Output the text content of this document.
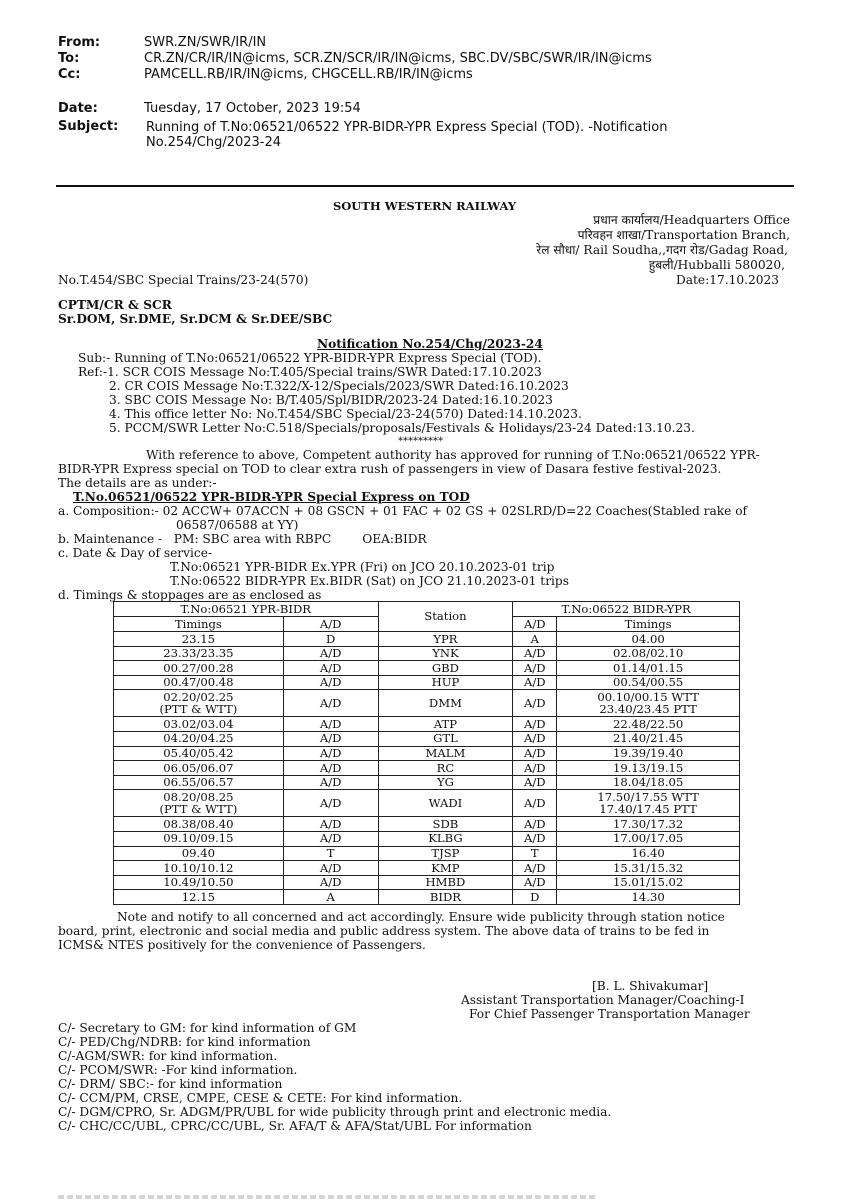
From:	SWR.ZN/SWR/IR/IN
To:	CR.ZN/CR/IR/IN@icms, SCR.ZN/SCR/IR/IN@icms, SBC.DV/SBC/SWR/IR/IN@icms
Cc:	PAMCELL.RB/IR/IN@icms, CHGCELL.RB/IR/IN@icms
Date:	Tuesday, 17 October, 2023 19:54
Subject:	Running of T.No:06521/06522 YPR-BIDR-YPR Express Special (TOD). -Notification
No.254/Chg/2023-24
SOUTH WESTERN RAILWAY
प्रधान कार्यालय/Headquarters Office
परिवहन शाखा/Transportation Branch,
रेल सौधा/ Rail Soudha,,गदग रोड/Gadag Road,
हुबली/Hubballi 580020,
No.T.454/SBC Special Trains/23-24(570)	Date:17.10.2023
CPTM/CR & SCR
Sr.DOM, Sr.DME, Sr.DCM & Sr.DEE/SBC
Notification No.254/Chg/2023-24
Sub:- Running of T.No:06521/06522 YPR-BIDR-YPR Express Special (TOD).
Ref:-1. SCR COIS Message No:T.405/Special trains/SWR Dated:17.10.2023
2. CR COIS Message No:T.322/X-12/Specials/2023/SWR Dated:16.10.2023
3. SBC COIS Message No: B/T.405/Spl/BIDR/2023-24 Dated:16.10.2023
4. This office letter No: No.T.454/SBC Special/23-24(570) Dated:14.10.2023.
5. PCCM/SWR Letter No:C.518/Specials/proposals/Festivals & Holidays/23-24 Dated:13.10.23.
*********
With reference to above, Competent authority has approved for running of T.No:06521/06522 YPR-
BIDR-YPR Express special on TOD to clear extra rush of passengers in view of Dasara festive festival-2023.
The details are as under:-
T.No.06521/06522 YPR-BIDR-YPR Special Express on TOD
a. Composition:- 02 ACCW+ 07ACCN + 08 GSCN + 01 FAC + 02 GS + 02SLRD/D=22 Coaches(Stabled rake of
06587/06588 at YY)
b. Maintenance -   PM: SBC area with RBPC        OEA:BIDR
c. Date & Day of service-
T.No:06521 YPR-BIDR Ex.YPR (Fri) on JCO 20.10.2023-01 trip
T.No:06522 BIDR-YPR Ex.BIDR (Sat) on JCO 21.10.2023-01 trips
d. Timings & stoppages are as enclosed as
T.No:06521 YPR-BIDR		Station	T.No:06522 BIDR-YPR	
Timings	A/D		A/D	Timings
23.15	D	YPR	A	04.00
23.33/23.35	A/D	YNK	A/D	02.08/02.10
00.27/00.28	A/D	GBD	A/D	01.14/01.15
00.47/00.48	A/D	HUP	A/D	00.54/00.55
02.20/02.25
(PTT & WTT)	A/D	DMM	A/D	00.10/00.15 WTT
23.40/23.45 PTT
03.02/03.04	A/D	ATP	A/D	22.48/22.50
04.20/04.25	A/D	GTL	A/D	21.40/21.45
05.40/05.42	A/D	MALM	A/D	19.39/19.40
06.05/06.07	A/D	RC	A/D	19.13/19.15
06.55/06.57	A/D	YG	A/D	18.04/18.05
08.20/08.25
(PTT & WTT)	A/D	WADI	A/D	17.50/17.55 WTT
17.40/17.45 PTT
08.38/08.40	A/D	SDB	A/D	17.30/17.32
09.10/09.15	A/D	KLBG	A/D	17.00/17.05
09.40	T	TJSP	T	16.40
10.10/10.12	A/D	KMP	A/D	15.31/15.32
10.49/10.50	A/D	HMBD	A/D	15.01/15.02
12.15	A	BIDR	D	14.30
Note and notify to all concerned and act accordingly. Ensure wide publicity through station notice
board, print, electronic and social media and public address system. The above data of trains to be fed in
ICMS& NTES positively for the convenience of Passengers.
[B. L. Shivakumar]
Assistant Transportation Manager/Coaching-I
For Chief Passenger Transportation Manager
C/- Secretary to GM: for kind information of GM
C/- PED/Chg/NDRB: for kind information
C/-AGM/SWR: for kind information.
C/- PCOM/SWR: -For kind information.
C/- DRM/ SBC:- for kind information
C/- CCM/PM, CRSE, CMPE, CESE & CETE: For kind information.
C/- DGM/CPRO, Sr. ADGM/PR/UBL for wide publicity through print and electronic media.
C/- CHC/CC/UBL, CPRC/CC/UBL, Sr. AFA/T & AFA/Stat/UBL For information
